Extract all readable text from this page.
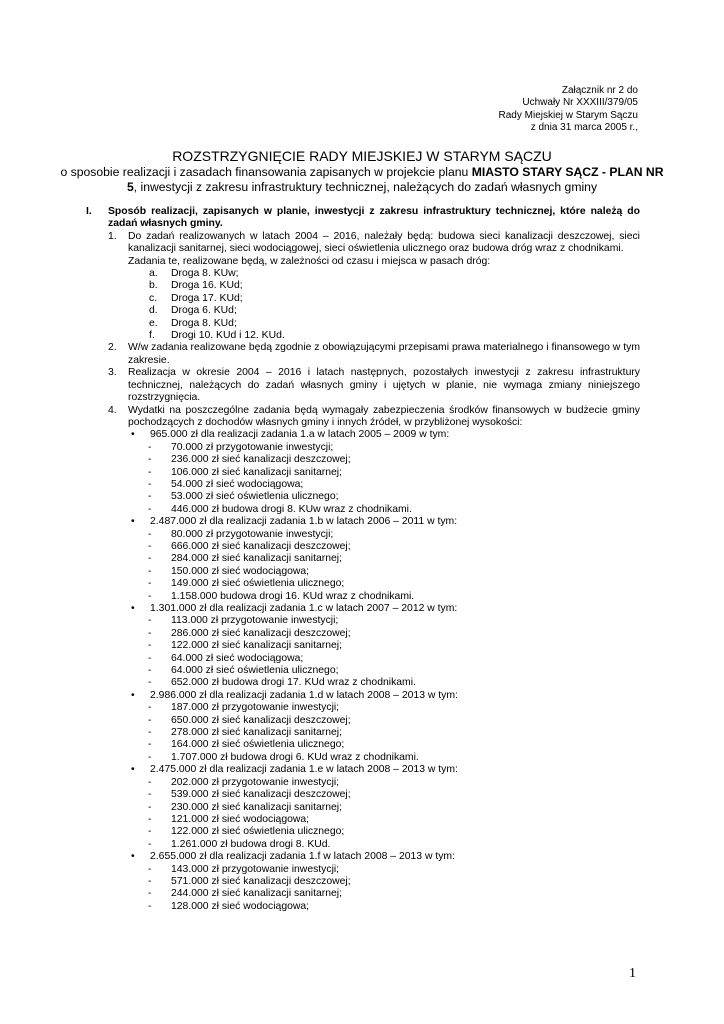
Załącznik nr 2 do
Uchwały Nr XXXIII/379/05
Rady Miejskiej w Starym Sączu
z dnia 31 marca 2005 r.,
ROZSTRZYGNIĘCIE RADY MIEJSKIEJ W STARYM SĄCZU
o sposobie realizacji i zasadach finansowania zapisanych w projekcie planu MIASTO STARY SĄCZ - PLAN NR 5, inwestycji z zakresu infrastruktury technicznej, należących do zadań własnych gminy
I.	Sposób realizacji, zapisanych w planie, inwestycji z zakresu infrastruktury technicznej, które należą do zadań własnych gminy.
1.	Do zadań realizowanych w latach 2004 – 2016, należały będą: budowa sieci kanalizacji deszczowej, sieci kanalizacji sanitarnej, sieci wodociągowej, sieci oświetlenia ulicznego oraz budowa dróg wraz z chodnikami.
Zadania te, realizowane będą, w zależności od czasu i miejsca w pasach dróg:
a.	Droga 8. KUw;
b.	Droga 16. KUd;
c.	Droga 17. KUd;
d.	Droga 6. KUd;
e.	Droga 8. KUd;
f.	Drogi 10. KUd i 12. KUd.
2.	W/w zadania realizowane będą zgodnie z obowiązującymi przepisami prawa materialnego i finansowego w tym zakresie.
3.	Realizacja w okresie 2004 – 2016 i latach następnych, pozostałych inwestycji z zakresu infrastruktury technicznej, należących do zadań własnych gminy i ujętych w planie, nie wymaga zmiany niniejszego rozstrzygnięcia.
4.	Wydatki na poszczególne zadania będą wymagały zabezpieczenia środków finansowych w budżecie gminy pochodzących z dochodów własnych gminy i innych źródeł, w przybliżonej wysokości:
•	965.000 zł dla realizacji zadania 1.a w latach 2005 – 2009 w tym:
-	70.000 zł przygotowanie inwestycji;
-	236.000 zł sieć kanalizacji deszczowej;
-	106.000 zł sieć kanalizacji sanitarnej;
-	54.000 zł sieć wodociągowa;
-	53.000 zł sieć oświetlenia ulicznego;
-	446.000 zł budowa drogi 8. KUw wraz z chodnikami.
•	2.487.000 zł dla realizacji zadania 1.b w latach 2006 – 2011 w tym:
-	80.000 zł przygotowanie inwestycji;
-	666.000 zł sieć kanalizacji deszczowej;
-	284.000 zł sieć kanalizacji sanitarnej;
-	150.000 zł sieć wodociągowa;
-	149.000 zł sieć oświetlenia ulicznego;
-	1.158.000 budowa drogi 16. KUd wraz z chodnikami.
•	1.301.000 zł dla realizacji zadania 1.c w latach 2007 – 2012 w tym:
-	113.000 zł przygotowanie inwestycji;
-	286.000 zł sieć kanalizacji deszczowej;
-	122.000 zł sieć kanalizacji sanitarnej;
-	64.000 zł sieć wodociągowa;
-	64.000 zł sieć oświetlenia ulicznego;
-	652.000 zł budowa drogi 17. KUd wraz z chodnikami.
•	2.986.000 zł dla realizacji zadania 1.d w latach 2008 – 2013 w tym:
-	187.000 zł przygotowanie inwestycji;
-	650.000 zł sieć kanalizacji deszczowej;
-	278.000 zł sieć kanalizacji sanitarnej;
-	164.000 zł sieć oświetlenia ulicznego;
-	1.707.000 zł budowa drogi 6. KUd wraz z chodnikami.
•	2.475.000 zł dla realizacji zadania 1.e w latach 2008 – 2013 w tym:
-	202.000 zł przygotowanie inwestycji;
-	539.000 zł sieć kanalizacji deszczowej;
-	230.000 zł sieć kanalizacji sanitarnej;
-	121.000 zł sieć wodociągowa;
-	122.000 zł sieć oświetlenia ulicznego;
-	1.261.000 zł budowa drogi 8. KUd.
•	2.655.000 zł dla realizacji zadania 1.f w latach 2008 – 2013 w tym:
-	143.000 zł przygotowanie inwestycji;
-	571.000 zł sieć kanalizacji deszczowej;
-	244.000 zł sieć kanalizacji sanitarnej;
-	128.000 zł sieć wodociągowa;
1
